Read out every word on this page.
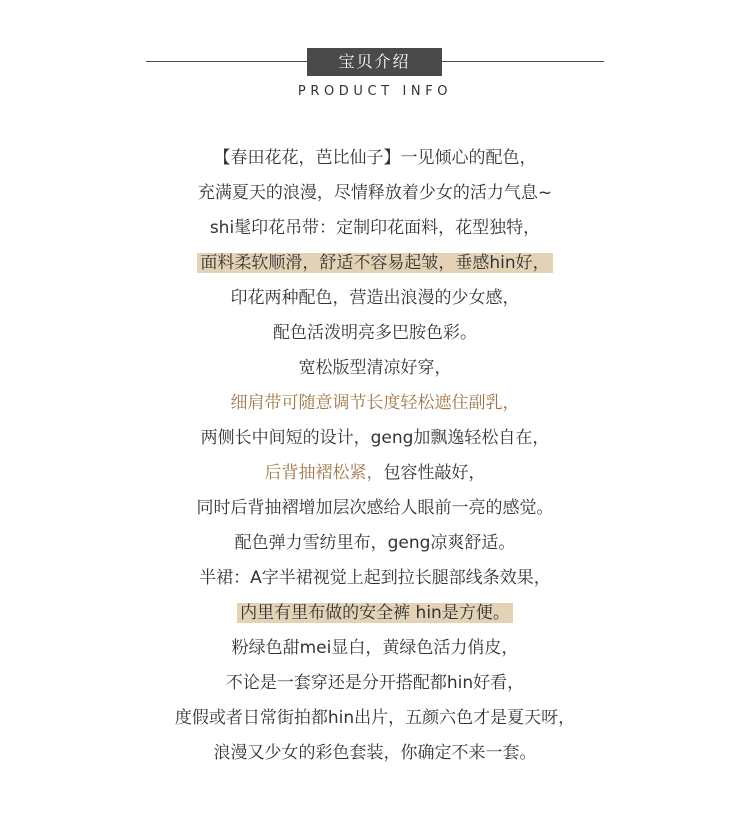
宝贝介绍
PRODUCT INFO
【春田花花，芭比仙子】一见倾心的配色，
充满夏天的浪漫，尽情释放着少女的活力气息~
shi髦印花吊带：定制印花面料，花型独特，
面料柔软顺滑，舒适不容易起皱，垂感hin好，
印花两种配色，营造出浪漫的少女感，
配色活泼明亮多巴胺色彩。
宽松版型清凉好穿，
细肩带可随意调节长度轻松遮住副乳，
两侧长中间短的设计，geng加飘逸轻松自在，
后背抽褶松紧，包容性敲好，
同时后背抽褶增加层次感给人眼前一亮的感觉。
配色弹力雪纺里布，geng凉爽舒适。
半裙：A字半裙视觉上起到拉长腿部线条效果，
内里有里布做的安全裤 hin是方便。
粉绿色甜mei显白，黄绿色活力俏皮，
不论是一套穿还是分开搭配都hin好看，
度假或者日常街拍都hin出片，五颜六色才是夏天呀，
浪漫又少女的彩色套装，你确定不来一套。
